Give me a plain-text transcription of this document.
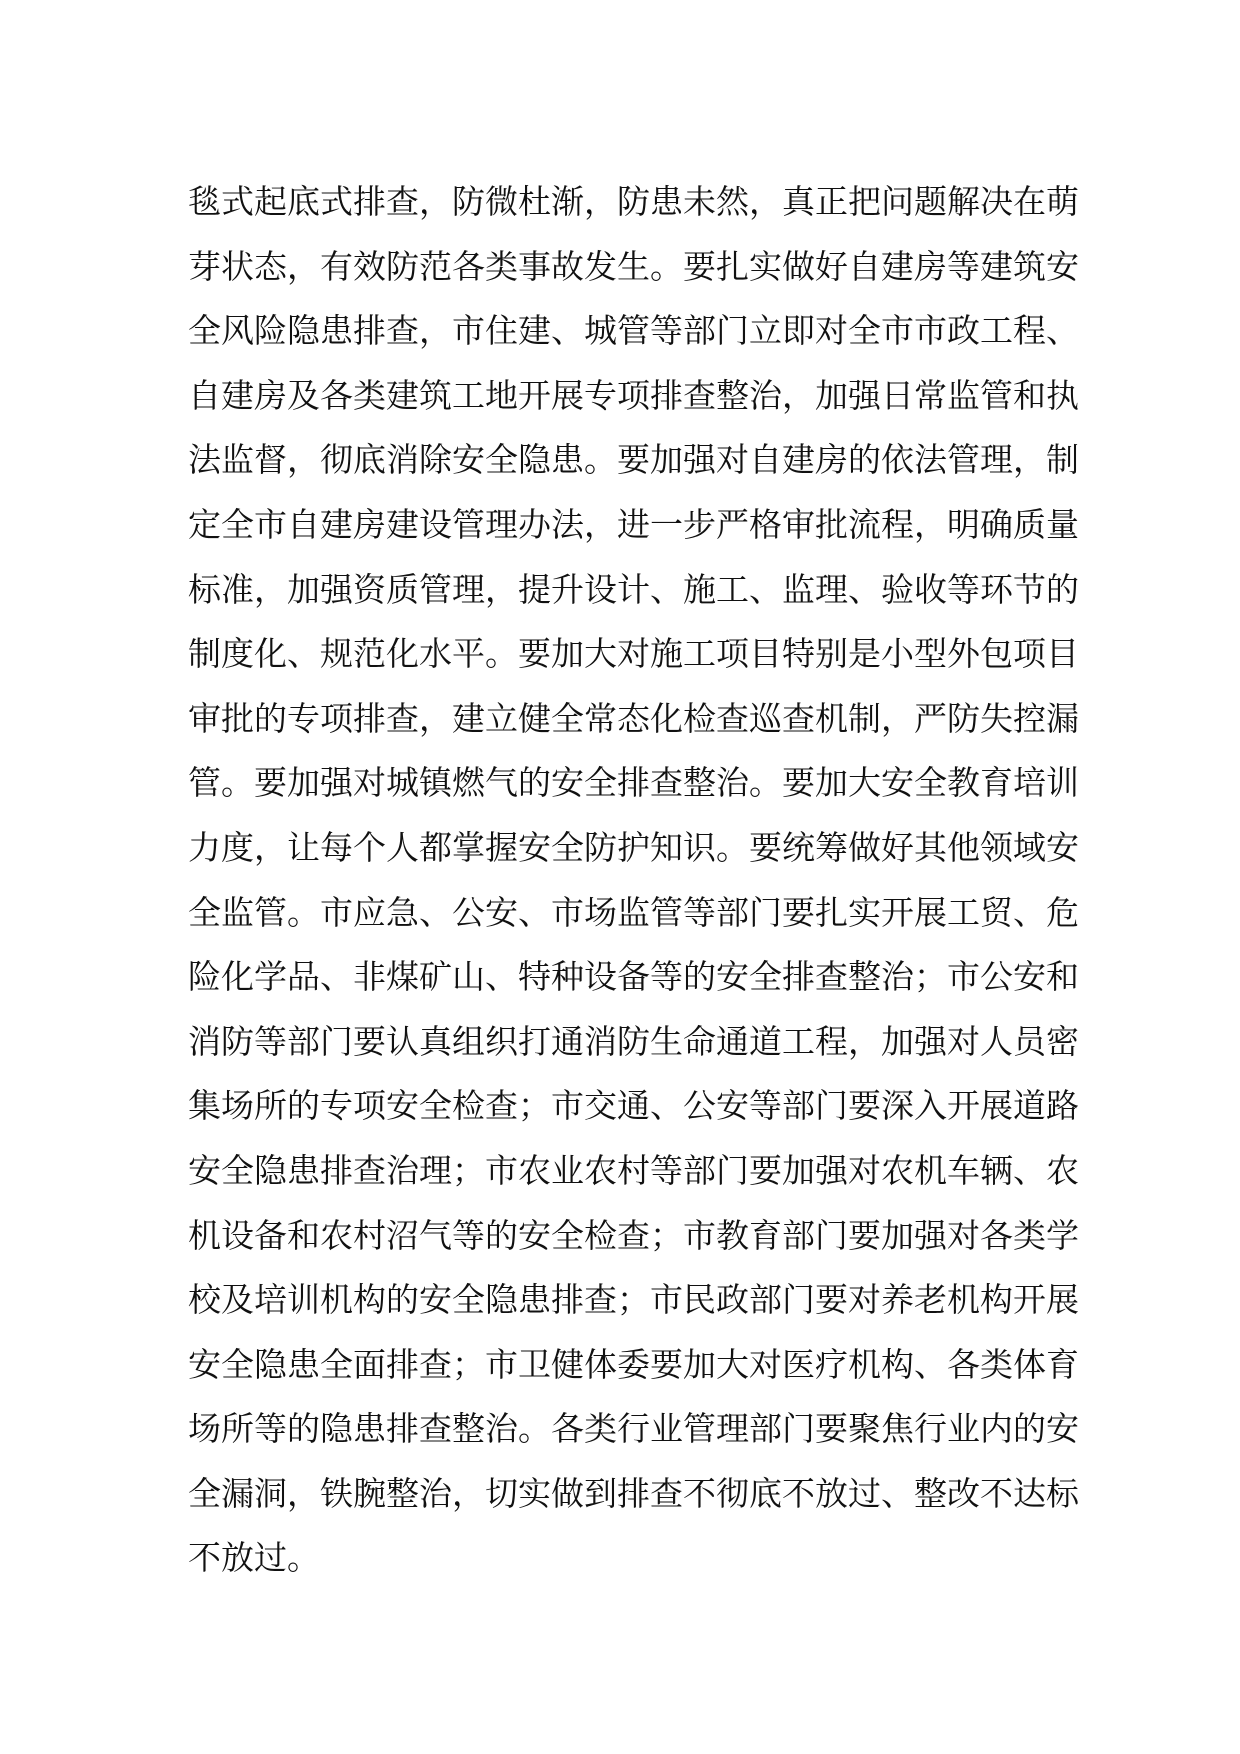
毯式起底式排查，防微杜渐，防患未然，真正把问题解决在萌
芽状态，有效防范各类事故发生。要扎实做好自建房等建筑安
全风险隐患排查，市住建、城管等部门立即对全市市政工程、
自建房及各类建筑工地开展专项排查整治，加强日常监管和执
法监督，彻底消除安全隐患。要加强对自建房的依法管理，制
定全市自建房建设管理办法，进一步严格审批流程，明确质量
标准，加强资质管理，提升设计、施工、监理、验收等环节的
制度化、规范化水平。要加大对施工项目特别是小型外包项目
审批的专项排查，建立健全常态化检查巡查机制，严防失控漏
管。要加强对城镇燃气的安全排查整治。要加大安全教育培训
力度，让每个人都掌握安全防护知识。要统筹做好其他领域安
全监管。市应急、公安、市场监管等部门要扎实开展工贸、危
险化学品、非煤矿山、特种设备等的安全排查整治；市公安和
消防等部门要认真组织打通消防生命通道工程，加强对人员密
集场所的专项安全检查；市交通、公安等部门要深入开展道路
安全隐患排查治理；市农业农村等部门要加强对农机车辆、农
机设备和农村沼气等的安全检查；市教育部门要加强对各类学
校及培训机构的安全隐患排查；市民政部门要对养老机构开展
安全隐患全面排查；市卫健体委要加大对医疗机构、各类体育
场所等的隐患排查整治。各类行业管理部门要聚焦行业内的安
全漏洞，铁腕整治，切实做到排查不彻底不放过、整改不达标
不放过。
